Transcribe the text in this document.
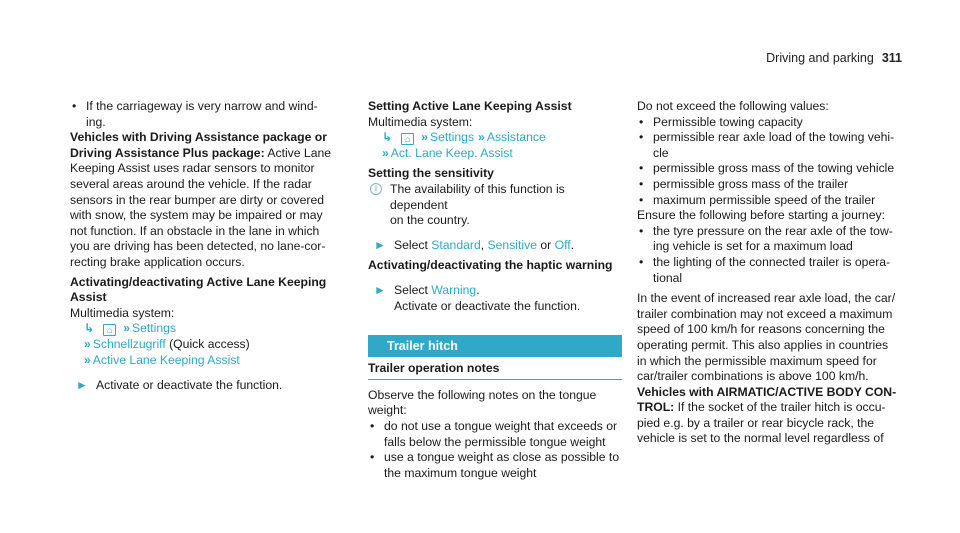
Driving and parking 311
• If the carriageway is very narrow and wind-
ing.
Vehicles with Driving Assistance package or
Driving Assistance Plus package: Active Lane
Keeping Assist uses radar sensors to monitor
several areas around the vehicle. If the radar
sensors in the rear bumper are dirty or covered
with snow, the system may be impaired or may
not function. If an obstacle in the lane in which
you are driving has been detected, no lane-cor-
recting brake application occurs.
Activating/deactivating Active Lane Keeping
Assist
Multimedia system:
↳ ⌂ » Settings
» Schnellzugriff (Quick access)
» Active Lane Keeping Assist
► Activate or deactivate the function.
Setting Active Lane Keeping Assist
Multimedia system:
↳ ⌂ » Settings » Assistance
» Act. Lane Keep. Assist
Setting the sensitivity
i	The availability of this function is dependent
on the country.
► Select Standard, Sensitive or Off.
Activating/deactivating the haptic warning
► Select Warning.
Activate or deactivate the function.
Trailer hitch
Trailer operation notes
Observe the following notes on the tongue
weight:
• do not use a tongue weight that exceeds or
falls below the permissible tongue weight
• use a tongue weight as close as possible to
the maximum tongue weight
Do not exceed the following values:
• Permissible towing capacity
• permissible rear axle load of the towing vehi-
cle
• permissible gross mass of the towing vehicle
• permissible gross mass of the trailer
• maximum permissible speed of the trailer
Ensure the following before starting a journey:
• the tyre pressure on the rear axle of the tow-
ing vehicle is set for a maximum load
• the lighting of the connected trailer is opera-
tional
In the event of increased rear axle load, the car/
trailer combination may not exceed a maximum
speed of 100 km/h for reasons concerning the
operating permit. This also applies in countries
in which the permissible maximum speed for
car/trailer combinations is above 100 km/h.
Vehicles with AIRMATIC/ACTIVE BODY CON-
TROL: If the socket of the trailer hitch is occu-
pied e.g. by a trailer or rear bicycle rack, the
vehicle is set to the normal level regardless of
